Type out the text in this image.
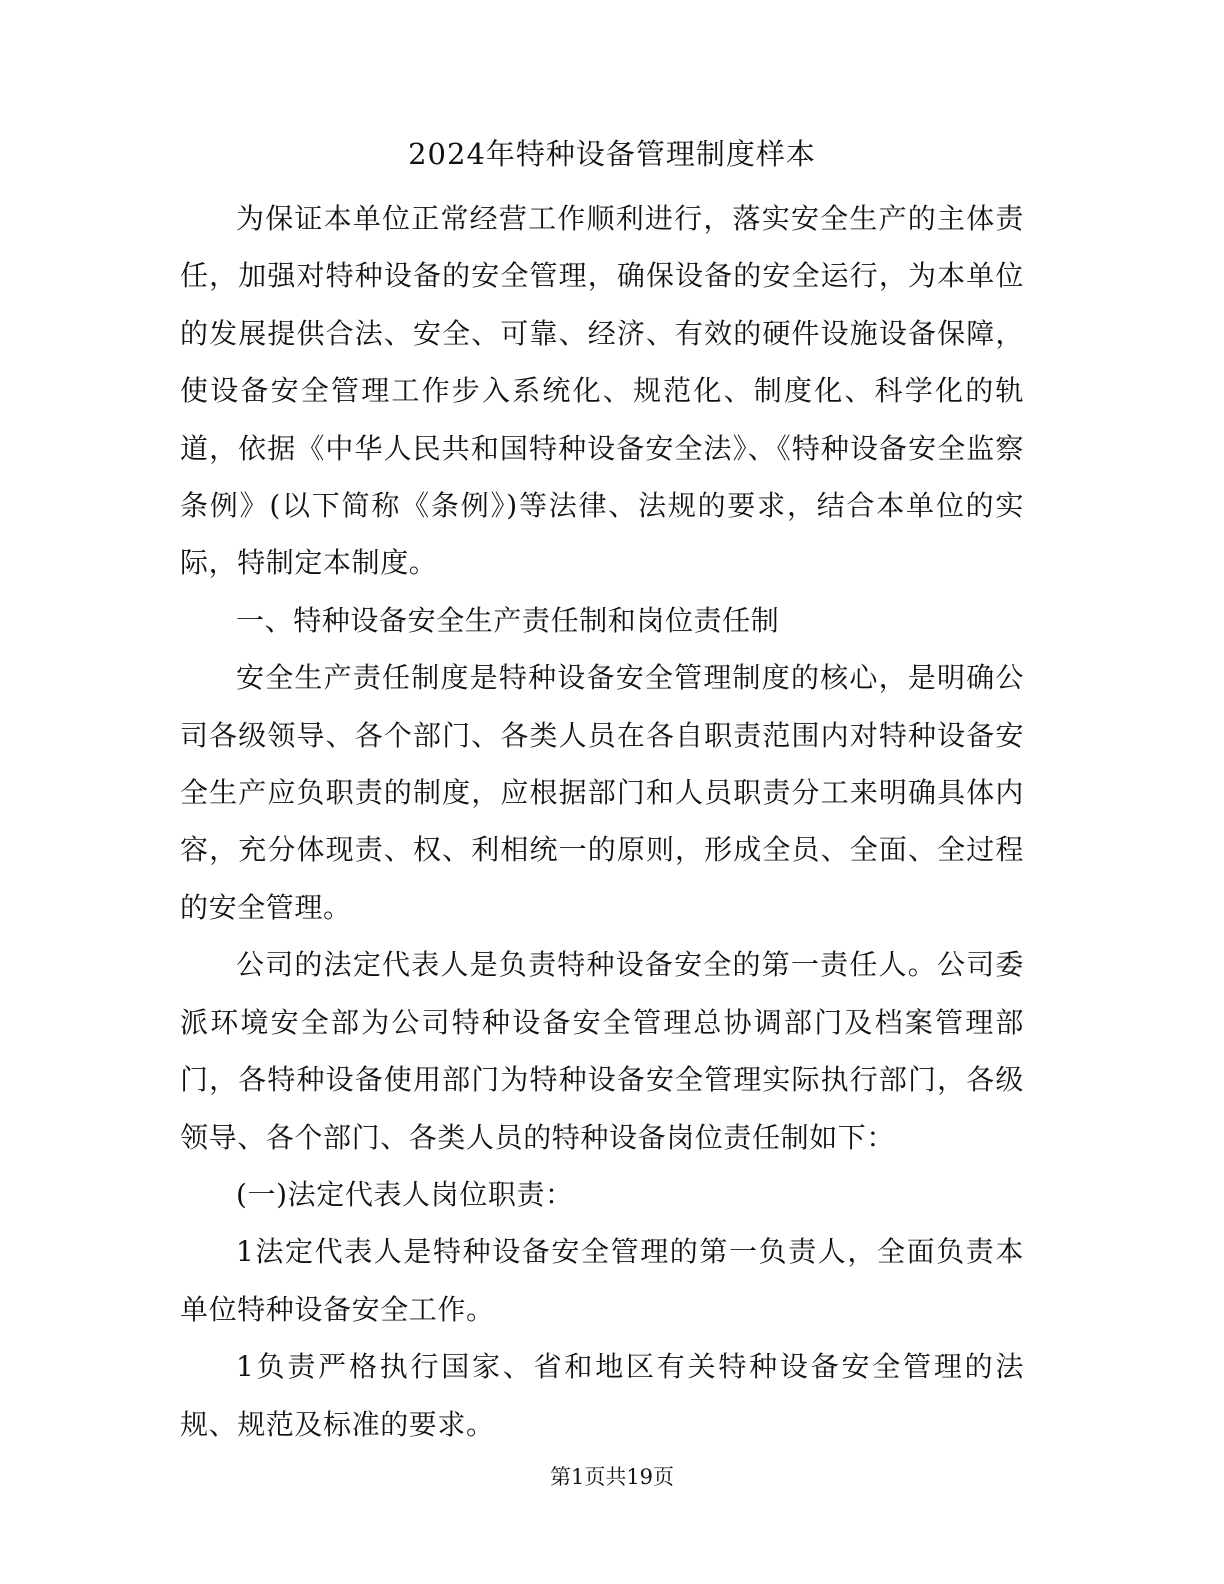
2024年特种设备管理制度样本

为保证本单位正常经营工作顺利进行，落实安全生产的主体责任，加强对特种设备的安全管理，确保设备的安全运行，为本单位的发展提供合法、安全、可靠、经济、有效的硬件设施设备保障，使设备安全管理工作步入系统化、规范化、制度化、科学化的轨道，依据《中华人民共和国特种设备安全法》、《特种设备安全监察条例》(以下简称《条例》)等法律、法规的要求，结合本单位的实际，特制定本制度。

一、特种设备安全生产责任制和岗位责任制

安全生产责任制度是特种设备安全管理制度的核心，是明确公司各级领导、各个部门、各类人员在各自职责范围内对特种设备安全生产应负职责的制度，应根据部门和人员职责分工来明确具体内容，充分体现责、权、利相统一的原则，形成全员、全面、全过程的安全管理。

公司的法定代表人是负责特种设备安全的第一责任人。公司委派环境安全部为公司特种设备安全管理总协调部门及档案管理部门，各特种设备使用部门为特种设备安全管理实际执行部门，各级领导、各个部门、各类人员的特种设备岗位责任制如下：

(一)法定代表人岗位职责：

1法定代表人是特种设备安全管理的第一负责人，全面负责本单位特种设备安全工作。

1负责严格执行国家、省和地区有关特种设备安全管理的法规、规范及标准的要求。

第1页共19页
